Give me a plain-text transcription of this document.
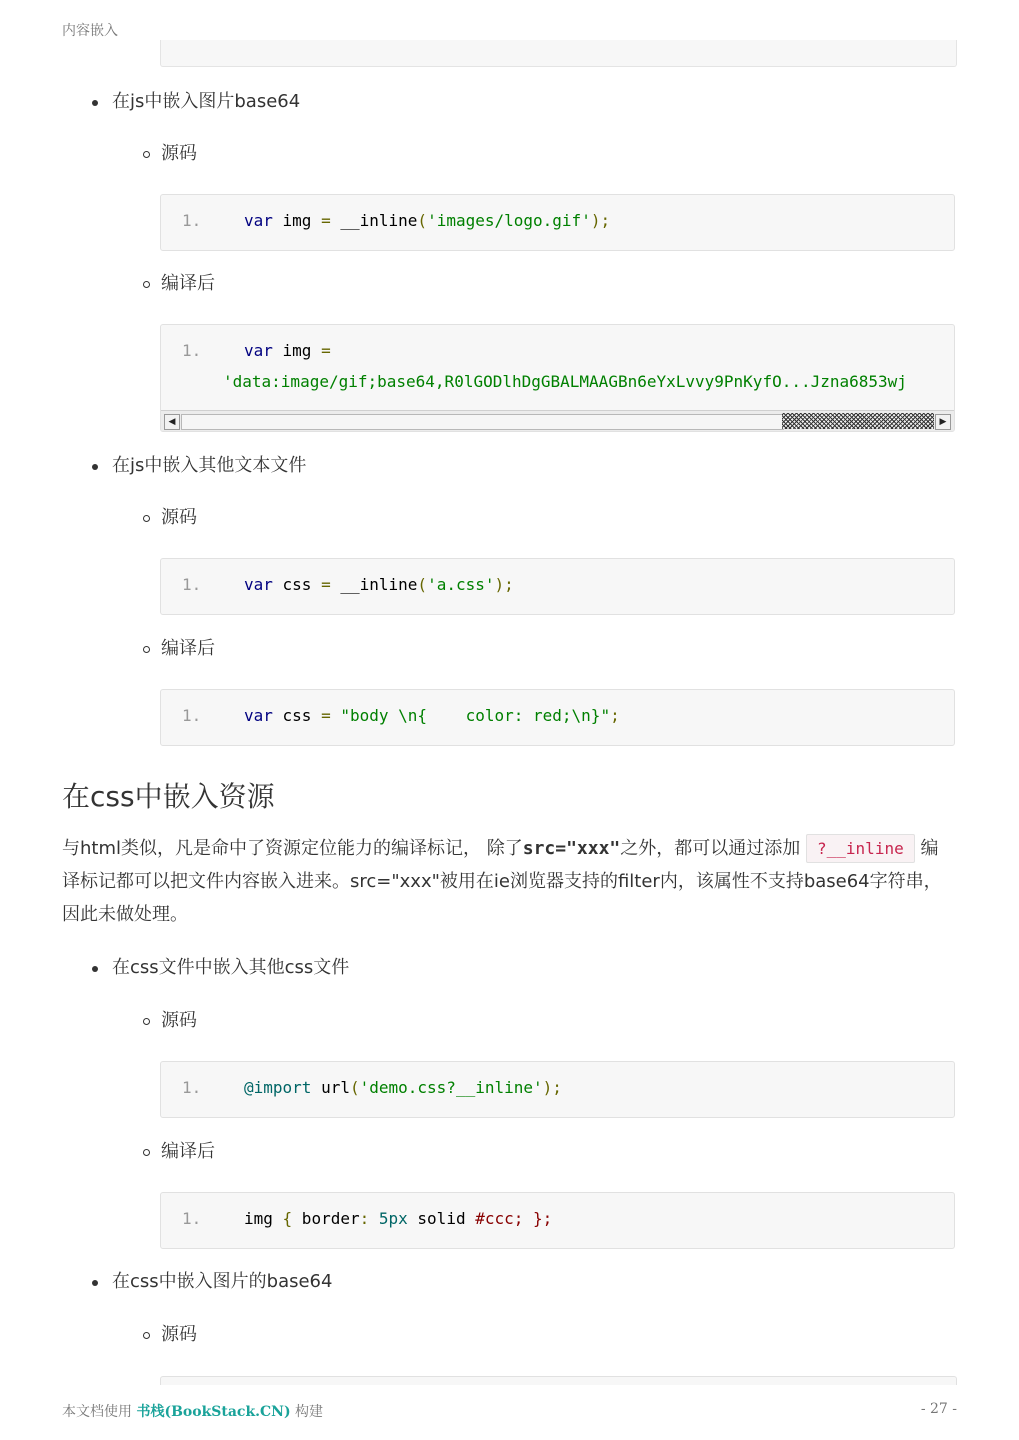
内容嵌入
在js中嵌入图片base64
源码
1.	var img = __inline('images/logo.gif');
编译后
1.	var img =
'data:image/gif;base64,R0lGODlhDgGBALMAAGBn6eYxLvvy9PnKyfO...Jzna6853wj
◀	▶
在js中嵌入其他文本文件
源码
1.	var css = __inline('a.css');
编译后
1.	var css = "body \n{    color: red;\n}";
在css中嵌入资源
与html类似，凡是命中了资源定位能力的编译标记， 除了src="xxx"之外，都可以通过添加 ?__inline 编译标记都可以把文件内容嵌入进来。src="xxx"被用在ie浏览器支持的filter内，该属性不支持base64字符串，因此未做处理。
在css文件中嵌入其他css文件
源码
1.	@import url('demo.css?__inline');
编译后
1.	img { border: 5px solid #ccc; };
在css中嵌入图片的base64
源码
本文档使用 书栈(BookStack.CN) 构建	- 27 -
